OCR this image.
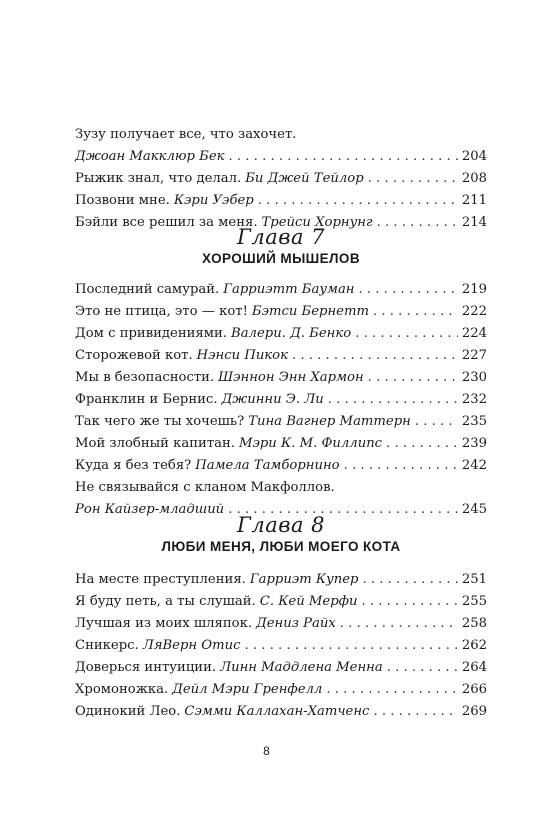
Зузу получает все, что захочет.
Джоан Макклюр Бек . . .	204
Рыжик знал, что делал. Би Джей Тейлор . . .	208
Позвони мне. Кэри Уэбер . . .	211
Бэйли все решил за меня. Трейси Хорнунг . . .	214
Глава 7
ХОРОШИЙ МЫШЕЛОВ
Последний самурай. Гарриэтт Бауман . . .	219
Это не птица, это — кот! Бэтси Бернетт . . .	222
Дом с привидениями. Валери. Д. Бенко . . .	224
Сторожевой кот. Нэнси Пикок . . .	227
Мы в безопасности. Шэннон Энн Хармон . . .	230
Франклин и Бернис. Джинни Э. Ли . . .	232
Так чего же ты хочешь? Тина Вагнер Маттерн . . .	235
Мой злобный капитан. Мэри К. М. Филлипс . . .	239
Куда я без тебя? Памела Тамборнино . . .	242
Не связывайся с кланом Макфоллов.
Рон Кайзер-младший . . .	245
Глава 8
ЛЮБИ МЕНЯ, ЛЮБИ МОЕГО КОТА
На месте преступления. Гарриэт Купер . . .	251
Я буду петь, а ты слушай. С. Кей Мерфи . . .	255
Лучшая из моих шляпок. Дениз Райх . . .	258
Сникерс. ЛяВерн Отис . . .	262
Доверься интуиции. Линн Маддлена Менна . . .	264
Хромоножка. Дейл Мэри Гренфелл . . .	266
Одинокий Лео. Сэмми Каллахан-Хатченс . . .	269
8
